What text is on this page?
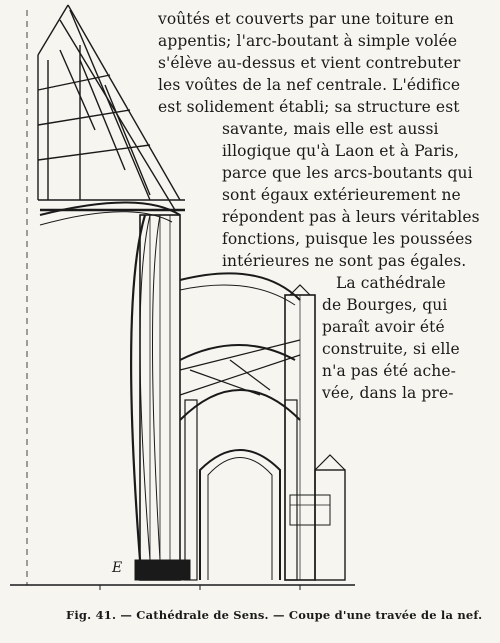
E
voûtés et couverts par une toiture en
appentis; l'arc-boutant à simple volée
s'élève au-dessus et vient contrebuter
les voûtes de la nef centrale. L'édifice
est solidement établi; sa structure est
savante, mais elle est aussi
illogique qu'à Laon et à Paris,
parce que les arcs-boutants qui
sont égaux extérieurement ne
répondent pas à leurs véritables
fonctions, puisque les poussées
intérieures ne sont pas égales.
La cathédrale
de Bourges, qui
paraît avoir été
construite, si elle
n'a pas été ache-
vée, dans la pre-
Fig. 41. — Cathédrale de Sens. — Coupe d'une travée de la nef.
